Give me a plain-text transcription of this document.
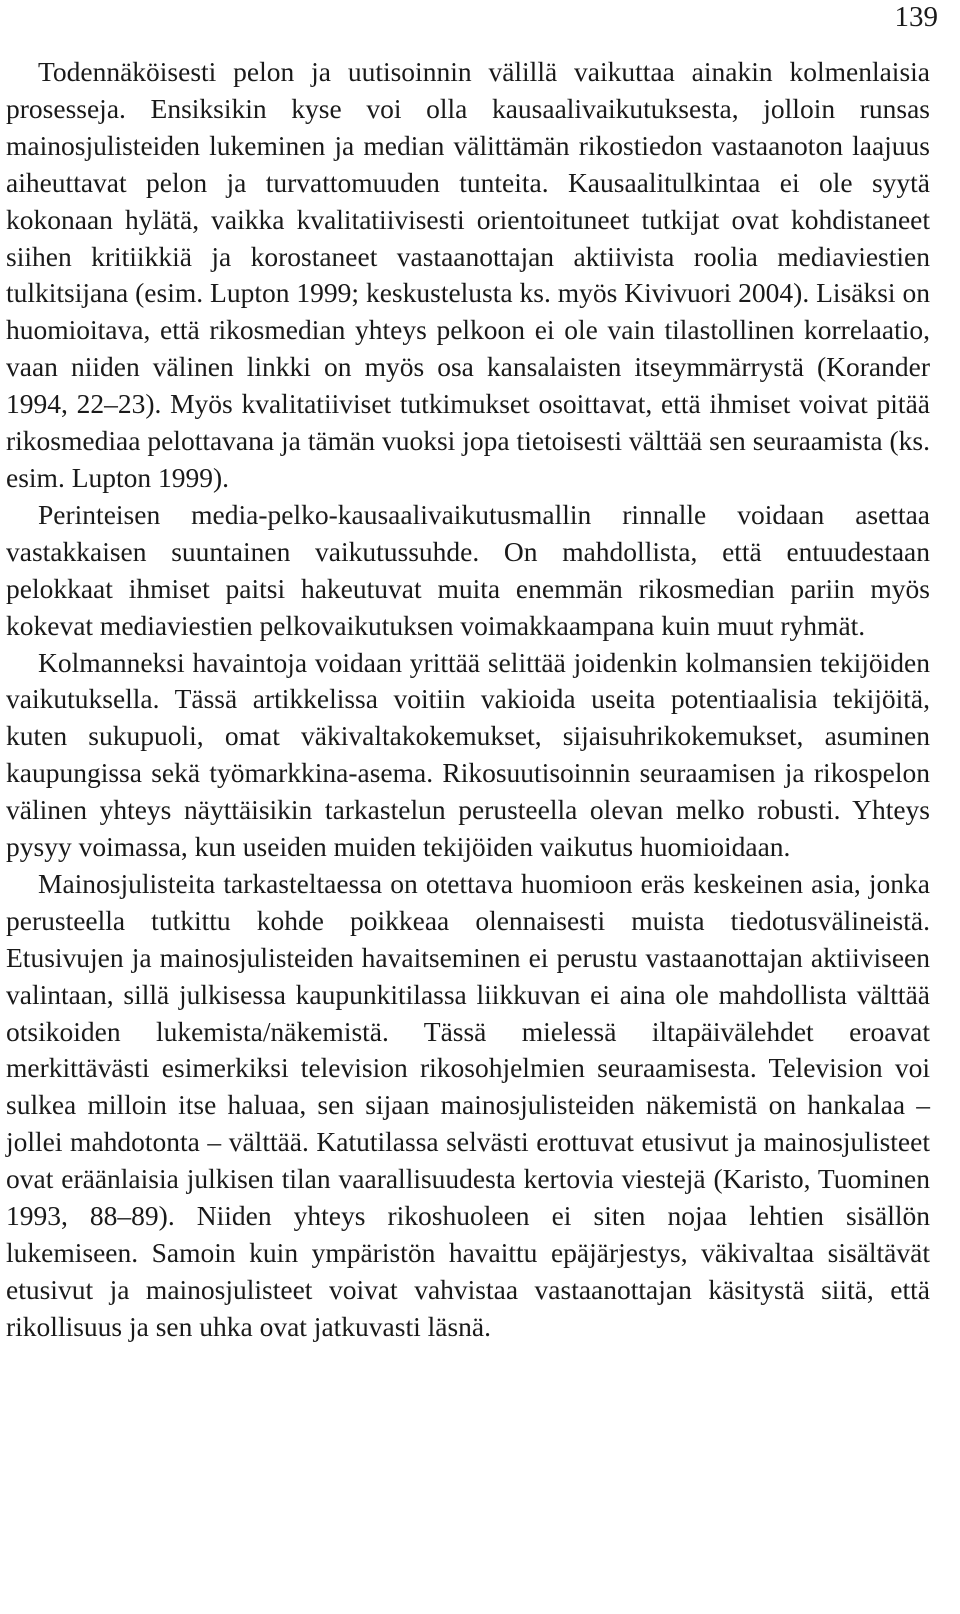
139

Todennäköisesti pelon ja uutisoinnin välillä vaikuttaa ainakin kolmenlaisia prosesseja. Ensiksikin kyse voi olla kausaalivaikutuksesta, jolloin runsas mainosjulisteiden lukeminen ja median välittämän rikostiedon vastaanoton laajuus aiheuttavat pelon ja turvattomuuden tunteita. Kausaalitulkintaa ei ole syytä kokonaan hylätä, vaikka kvalitatiivisesti orientoituneet tutkijat ovat kohdistaneet siihen kritiikkiä ja korostaneet vastaanottajan aktiivista roolia mediaviestien tulkitsijana (esim. Lupton 1999; keskustelusta ks. myös Kivivuori 2004). Lisäksi on huomioitava, että rikosmedian yhteys pelkoon ei ole vain tilastollinen korrelaatio, vaan niiden välinen linkki on myös osa kansalaisten itseymmärrystä (Korander 1994, 22–23). Myös kvalitatiiviset tutkimukset osoittavat, että ihmiset voivat pitää rikosmediaa pelottavana ja tämän vuoksi jopa tietoisesti välttää sen seuraamista (ks. esim. Lupton 1999).

Perinteisen media-pelko-kausaalivaikutusmallin rinnalle voidaan asettaa vastakkaisen suuntainen vaikutussuhde. On mahdollista, että entuudestaan pelokkaat ihmiset paitsi hakeutuvat muita enemmän rikosmedian pariin myös kokevat mediaviestien pelkovaikutuksen voimakkaampana kuin muut ryhmät.

Kolmanneksi havaintoja voidaan yrittää selittää joidenkin kolmansien tekijöiden vaikutuksella. Tässä artikkelissa voitiin vakioida useita potentiaalisia tekijöitä, kuten sukupuoli, omat väkivaltakokemukset, sijaisuhrikokemukset, asuminen kaupungissa sekä työmarkkina-asema. Rikosuutisoinnin seuraamisen ja rikospelon välinen yhteys näyttäisikin tarkastelun perusteella olevan melko robusti. Yhteys pysyy voimassa, kun useiden muiden tekijöiden vaikutus huomioidaan.

Mainosjulisteita tarkasteltaessa on otettava huomioon eräs keskeinen asia, jonka perusteella tutkittu kohde poikkeaa olennaisesti muista tiedotusvälineistä. Etusivujen ja mainosjulisteiden havaitseminen ei perustu vastaanottajan aktiiviseen valintaan, sillä julkisessa kaupunkitilassa liikkuvan ei aina ole mahdollista välttää otsikoiden lukemista/näkemistä. Tässä mielessä iltapäivälehdet eroavat merkittävästi esimerkiksi television rikosohjelmien seuraamisesta. Television voi sulkea milloin itse haluaa, sen sijaan mainosjulisteiden näkemistä on hankalaa – jollei mahdotonta – välttää. Katutilassa selvästi erottuvat etusivut ja mainosjulisteet ovat eräänlaisia julkisen tilan vaarallisuudesta kertovia viestejä (Karisto, Tuominen 1993, 88–89). Niiden yhteys rikoshuoleen ei siten nojaa lehtien sisällön lukemiseen. Samoin kuin ympäristön havaittu epäjärjestys, väkivaltaa sisältävät etusivut ja mainosjulisteet voivat vahvistaa vastaanottajan käsitystä siitä, että rikollisuus ja sen uhka ovat jatkuvasti läsnä.
